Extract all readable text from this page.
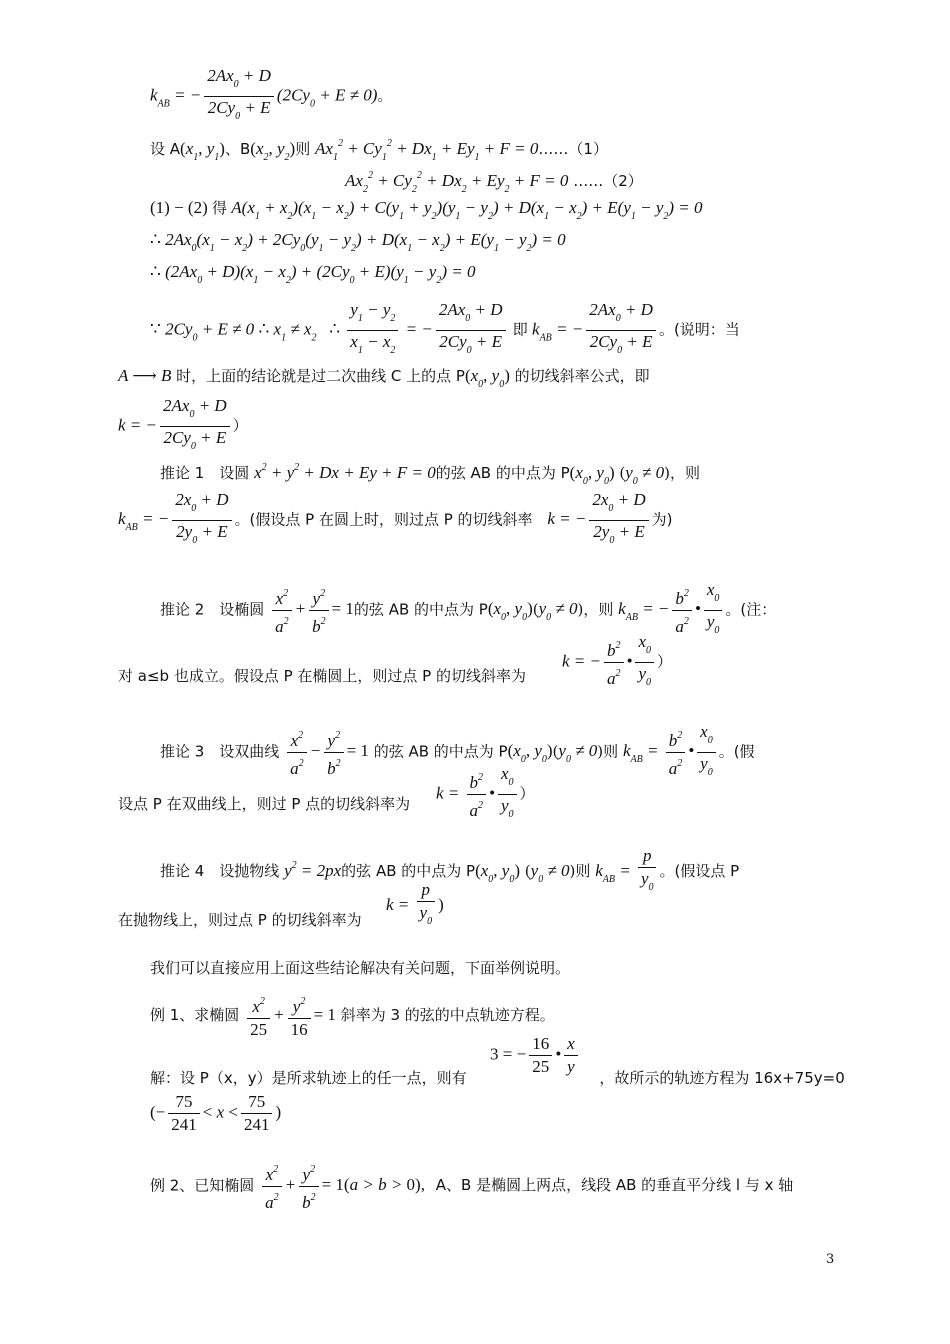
$k_{AB}$ = − $\frac{2Ax_0 + D}{2Cy_0 + E} (2Cy_0 + E \ne 0)$。
设 $A(x_1$, $y_1$)、$B(x_2$, $y_2$)则 $Ax_1^2 + Cy_1^2 + Dx_1 + Ey_1 + F$ = 0……（1）
$Ax_2^2 + Cy_2^2 + Dx_2 + Ey_2 + F = 0$ ……（2）
(1) − (2) 得 $A(x_1 + x_2)(x_1 - x_2) + C(y_1 + y_2)(y_1 - y_2) + D(x_1 - x_2) + E(y_1 - y_2) = 0$
∴ $2Ax_0(x_1 - x_2) + 2Cy_0(y_1 - y_2) + D(x_1 - x_2) + E(y_1 - y_2) = 0$
∴ $(2Ax_0 + D)(x_1 - x_2) + (2Cy_0 + E)(y_1 - y_2) = 0$
∵ $2Cy_0 + E \ne 0$ ∴ $x_1 \ne x_2$ ∴ $\frac{y_1 - y_2}{x_1 - x_2}$ = − $\frac{2Ax_0 + D}{2Cy_0 + E}$ 即 $k_{AB}$ = − $\frac{2Ax_0 + D}{2Cy_0 + E}$ 。(说明：当
A ⟶ B 时，上面的结论就是过二次曲线 C 上的点 $P(x_0$, $y_0$) 的切线斜率公式，即
k = − $\frac{2Ax_0 + D}{2Cy_0 + E}$ ）
推论 1　设圆 $x^2 + y^2 + Dx + Ey + F = 0$的弦 AB 的中点为 $P(x_0$, $y_0$) $(y_0 \ne 0)$，则
$k_{AB}$ = − $\frac{2x_0 + D}{2y_0 + E}$ 。(假设点 P 在圆上时，则过点 P 的切线斜率 k = − $\frac{2x_0 + D}{2y_0 + E}$ 为)
推论 2　设椭圆 $\frac{x^2}{a^2} + \frac{y^2}{b^2} = 1$的弦 AB 的中点为 $P(x_0$, $y_0)(y_0 \ne 0)$，则 $k_{AB}$ = − $\frac{b^2}{a^2}$ • $\frac{x_0}{y_0}$ 。(注：
k = − $\frac{b^2}{a^2}$ • $\frac{x_0}{y_0}$ ）
对 a≤b 也成立。假设点 P 在椭圆上，则过点 P 的切线斜率为
推论 3　设双曲线 $\frac{x^2}{a^2} - \frac{y^2}{b^2} = 1$ 的弦 AB 的中点为 $P(x_0$, $y_0)(y_0 \ne 0)$则 $k_{AB} = \frac{b^2}{a^2}$ • $\frac{x_0}{y_0}$ 。(假
$k = \frac{b^2}{a^2}$ • $\frac{x_0}{y_0}$ ）
设点 P 在双曲线上，则过 P 点的切线斜率为
推论 4　设抛物线 $y^2 = 2px$的弦 AB 的中点为 $P(x_0$, $y_0$) $(y_0 \ne 0)$则 $k_{AB} = \frac{p}{y_0}$ 。(假设点 P
$k = \frac{p}{y_0}$ )
在抛物线上，则过点 P 的切线斜率为
我们可以直接应用上面这些结论解决有关问题，下面举例说明。
例 1、求椭圆 $\frac{x^2}{25} + \frac{y^2}{16} = 1$ 斜率为 3 的弦的中点轨迹方程。
3 = − $\frac{16}{25}$ • $\frac{x}{y}$
解：设 P（x，y）是所求轨迹上的任一点，则有	，故所示的轨迹方程为 16x+75y=0
(− $\frac{75}{241} < x < \frac{75}{241}$ )
例 2、已知椭圆 $\frac{x^2}{a^2} + \frac{y^2}{b^2} = 1(a > b > 0)$, A、B 是椭圆上两点，线段 AB 的垂直平分线 l 与 x 轴
3
